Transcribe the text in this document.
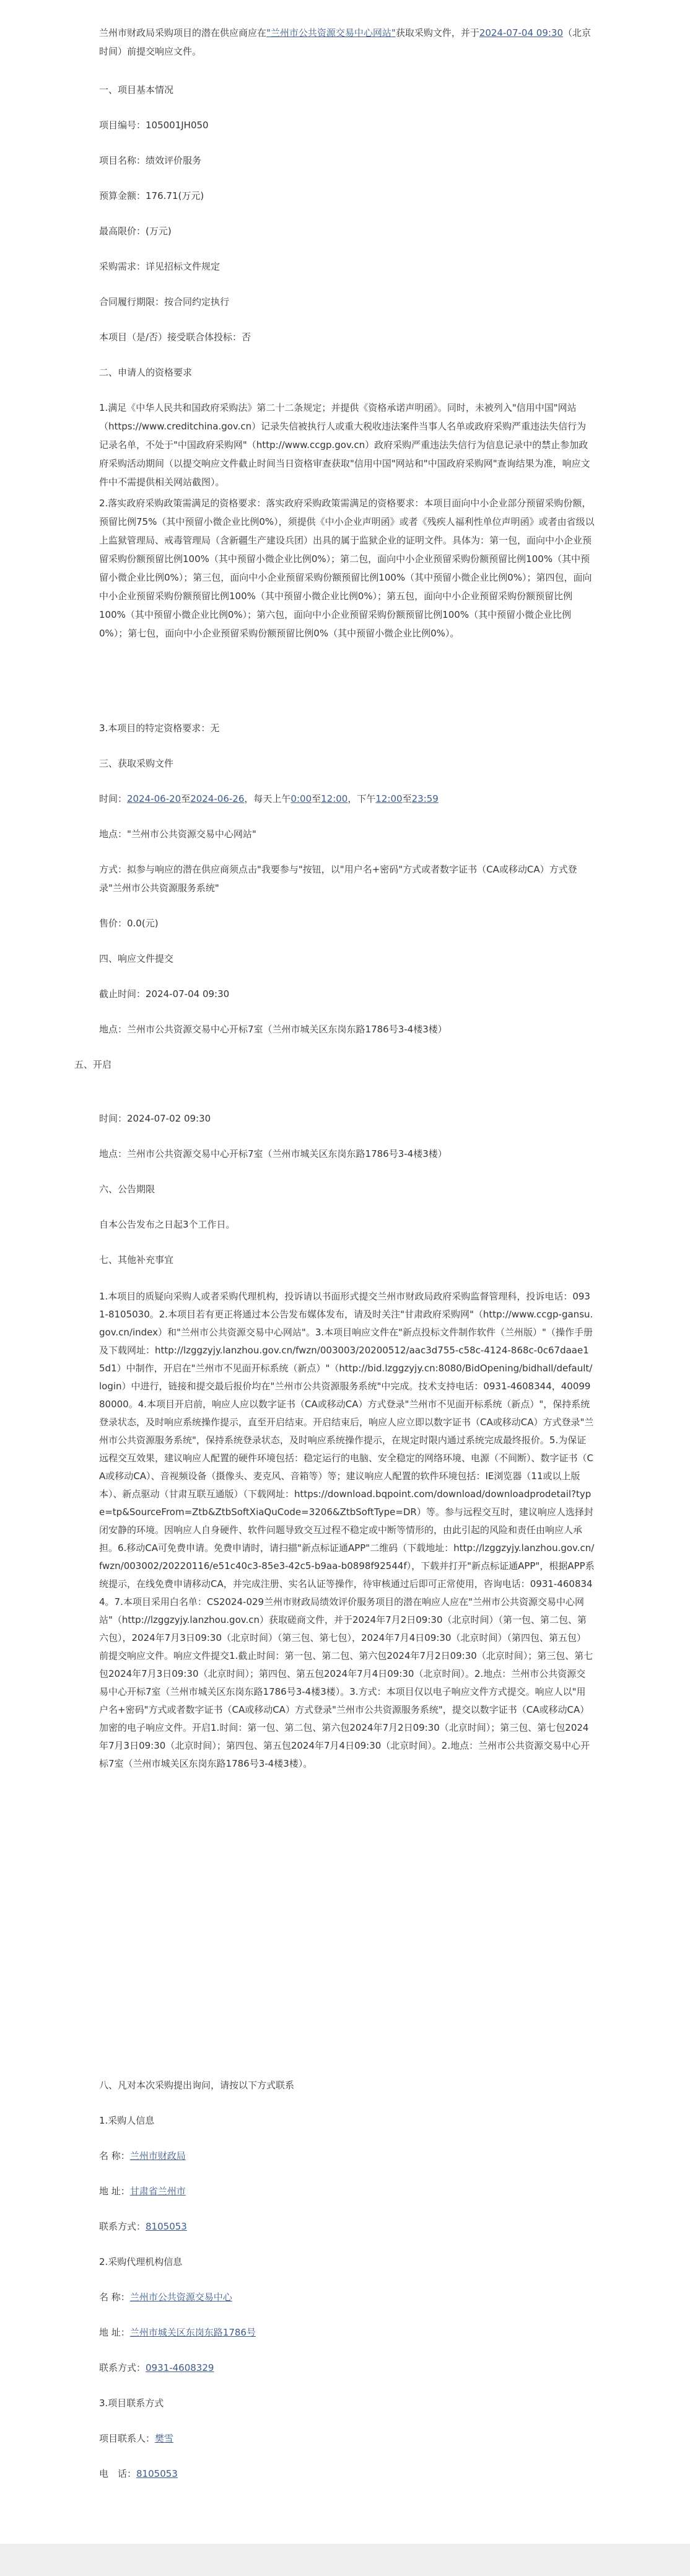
兰州市财政局采购项目的潜在供应商应在"兰州市公共资源交易中心网站"获取采购文件，并于2024-07-04 09:30（北京时间）前提交响应文件。

一、项目基本情况
项目编号：105001JH050
项目名称：绩效评价服务
预算金额：176.71(万元)
最高限价：(万元)
采购需求：详见招标文件规定
合同履行期限：按合同约定执行
本项目（是/否）接受联合体投标：否
二、申请人的资格要求

1.满足《中华人民共和国政府采购法》第二十二条规定；并提供《资格承诺声明函》。同时，未被列入"信用中国"网站（https://www.creditchina.gov.cn）记录失信被执行人或重大税收违法案件当事人名单或政府采购严重违法失信行为记录名单，不处于"中国政府采购网"（http://www.ccgp.gov.cn）政府采购严重违法失信行为信息记录中的禁止参加政府采购活动期间（以提交响应文件截止时间当日资格审查获取"信用中国"网站和"中国政府采购网"查询结果为准，响应文件中不需提供相关网站截图）。

2.落实政府采购政策需满足的资格要求：落实政府采购政策需满足的资格要求：本项目面向中小企业部分预留采购份额，预留比例75%（其中预留小微企业比例0%），须提供《中小企业声明函》或者《残疾人福利性单位声明函》或者由省级以上监狱管理局、戒毒管理局（含新疆生产建设兵团）出具的属于监狱企业的证明文件。具体为：第一包，面向中小企业预留采购份额预留比例100%（其中预留小微企业比例0%）；第二包，面向中小企业预留采购份额预留比例100%（其中预留小微企业比例0%）；第三包，面向中小企业预留采购份额预留比例100%（其中预留小微企业比例0%）；第四包，面向中小企业预留采购份额预留比例100%（其中预留小微企业比例0%）；第五包，面向中小企业预留采购份额预留比例100%（其中预留小微企业比例0%）；第六包，面向中小企业预留采购份额预留比例100%（其中预留小微企业比例0%）；第七包，面向中小企业预留采购份额预留比例0%（其中预留小微企业比例0%）。

3.本项目的特定资格要求：无
三、获取采购文件
时间：2024-06-20至2024-06-26，每天上午0:00至12:00，下午12:00至23:59
地点："兰州市公共资源交易中心网站"
方式：拟参与响应的潜在供应商须点击"我要参与"按钮，以"用户名+密码"方式或者数字证书（CA或移动CA）方式登录"兰州市公共资源服务系统"
售价：0.0(元)
四、响应文件提交
截止时间：2024-07-04 09:30
地点：兰州市公共资源交易中心开标7室（兰州市城关区东岗东路1786号3-4楼3楼）
五、开启
时间：2024-07-02 09:30
地点：兰州市公共资源交易中心开标7室（兰州市城关区东岗东路1786号3-4楼3楼）
六、公告期限
自本公告发布之日起3个工作日。
七、其他补充事宜
1.本项目的质疑向采购人或者采购代理机构，投诉请以书面形式提交兰州市财政局政府采购监督管理科，投诉电话：0931-8105030。2.本项目若有更正将通过本公告发布媒体发布，请及时关注"甘肃政府采购网"（http://www.ccgp-gansu.gov.cn/index）和"兰州市公共资源交易中心网站"。3.本项目响应文件在"新点投标文件制作软件（兰州版）"（操作手册及下载网址：http://lzggzyjy.lanzhou.gov.cn/fwzn/003003/20200512/aac3d755-c58c-4124-868c-0c67daae15d1）中制作，开启在"兰州市不见面开标系统（新点）"（http://bid.lzggzyjy.cn:8080/BidOpening/bidhall/default/login）中进行，链接和提交最后报价均在"兰州市公共资源服务系统"中完成。技术支持电话：0931-4608344，4009980000。4.本项目开启前，响应人应以数字证书（CA或移动CA）方式登录"兰州市不见面开标系统（新点）"，保持系统登录状态，及时响应系统操作提示，直至开启结束。开启结束后，响应人应立即以数字证书（CA或移动CA）方式登录"兰州市公共资源服务系统"，保持系统登录状态，及时响应系统操作提示，在规定时限内通过系统完成最终报价。5.为保证远程交互效果，建议响应人配置的硬件环境包括：稳定运行的电脑、安全稳定的网络环境、电源（不间断）、数字证书（CA或移动CA）、音视频设备（摄像头、麦克风、音箱等）等；建议响应人配置的软件环境包括：IE浏览器（11或以上版本）、新点驱动（甘肃互联互通版）（下载网址：https://download.bqpoint.com/download/downloadprodetail?type=tp&SourceFrom=Ztb&ZtbSoftXiaQuCode=3206&ZtbSoftType=DR）等。参与远程交互时，建议响应人选择封闭安静的环境。因响应人自身硬件、软件问题导致交互过程不稳定或中断等情形的，由此引起的风险和责任由响应人承担。6.移动CA可免费申请。免费申请时，请扫描"新点标证通APP"二维码（下载地址：http://lzggzyjy.lanzhou.gov.cn/fwzn/003002/20220116/e51c40c3-85e3-42c5-b9aa-b0898f92544f），下载并打开"新点标证通APP"，根据APP系统提示，在线免费申请移动CA，并完成注册、实名认证等操作，待审核通过后即可正常使用，咨询电话：0931-4608344。7.本项目采用白名单：CS2024-029兰州市财政局绩效评价服务项目的潜在响应人应在"兰州市公共资源交易中心网站"（http://lzggzyjy.lanzhou.gov.cn）获取磋商文件，并于2024年7月2日09:30（北京时间）（第一包、第二包、第六包），2024年7月3日09:30（北京时间）（第三包、第七包），2024年7月4日09:30（北京时间）（第四包、第五包）前提交响应文件。响应文件提交1.截止时间：第一包、第二包、第六包2024年7月2日09:30（北京时间）；第三包、第七包2024年7月3日09:30（北京时间）；第四包、第五包2024年7月4日09:30（北京时间）。2.地点：兰州市公共资源交易中心开标7室（兰州市城关区东岗东路1786号3-4楼3楼）。3.方式：本项目仅以电子响应文件方式提交。响应人以"用户名+密码"方式或者数字证书（CA或移动CA）方式登录"兰州市公共资源服务系统"，提交以数字证书（CA或移动CA）加密的电子响应文件。开启1.时间：第一包、第二包、第六包2024年7月2日09:30（北京时间）；第三包、第七包2024年7月3日09:30（北京时间）；第四包、第五包2024年7月4日09:30（北京时间）。2.地点：兰州市公共资源交易中心开标7室（兰州市城关区东岗东路1786号3-4楼3楼）。
八、凡对本次采购提出询问，请按以下方式联系
1.采购人信息
名 称：兰州市财政局
地 址：甘肃省兰州市
联系方式：8105053
2.采购代理机构信息
名 称：兰州市公共资源交易中心
地 址：兰州市城关区东岗东路1786号
联系方式：0931-4608329
3.项目联系方式
项目联系人：樊雪
电　话：8105053
